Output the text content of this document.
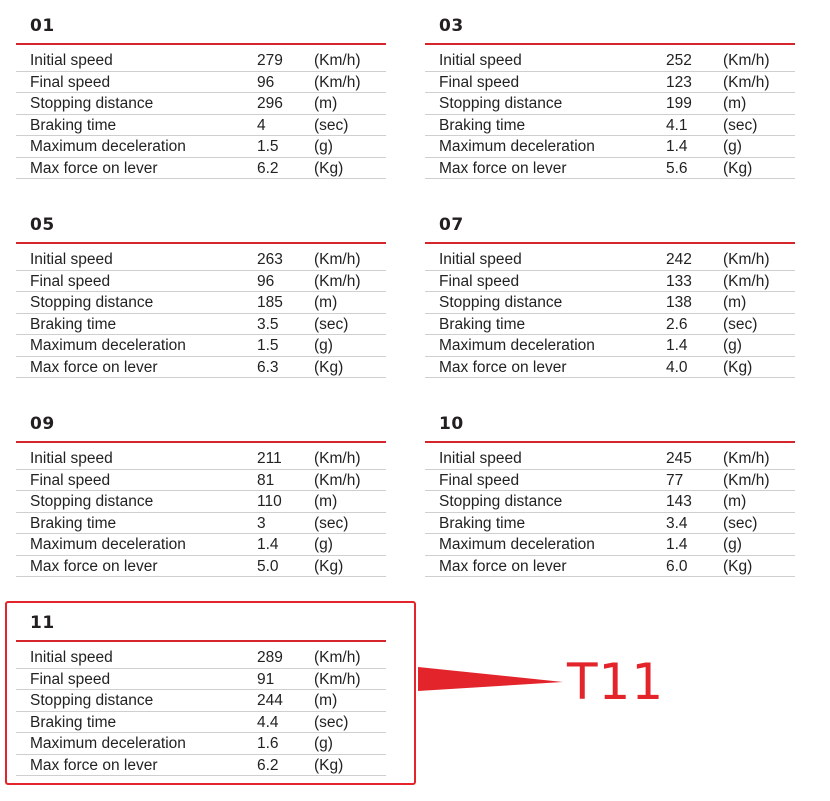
01
Initial speed	279 (Km/h)
Final speed	96	(Km/h)
Stopping distance	296 (m)
Braking time	4	(sec)
Maximum deceleration	1.5 (g)
Max force on lever	6.2 (Kg)
03
Initial speed	252 (Km/h)
Final speed	123 (Km/h)
Stopping distance	199 (m)
Braking time	4.1 (sec)
Maximum deceleration	1.4 (g)
Max force on lever	5.6 (Kg)
05
Initial speed	263 (Km/h)
Final speed	96	(Km/h)
Stopping distance	185 (m)
Braking time	3.5 (sec)
Maximum deceleration	1.5 (g)
Max force on lever	6.3 (Kg)
07
Initial speed	242 (Km/h)
Final speed	133 (Km/h)
Stopping distance	138 (m)
Braking time	2.6 (sec)
Maximum deceleration	1.4 (g)
Max force on lever	4.0 (Kg)
09
Initial speed	211 (Km/h)
Final speed	81	(Km/h)
Stopping distance	110 (m)
Braking time	3	(sec)
Maximum deceleration	1.4 (g)
Max force on lever	5.0 (Kg)
10
Initial speed	245 (Km/h)
Final speed	77	(Km/h)
Stopping distance	143 (m)
Braking time	3.4 (sec)
Maximum deceleration	1.4 (g)
Max force on lever	6.0 (Kg)
11
Initial speed	289 (Km/h)
Final speed	91	(Km/h)
Stopping distance	244 (m)
Braking time	4.4 (sec)
Maximum deceleration	1.6 (g)
Max force on lever	6.2 (Kg)
T11
